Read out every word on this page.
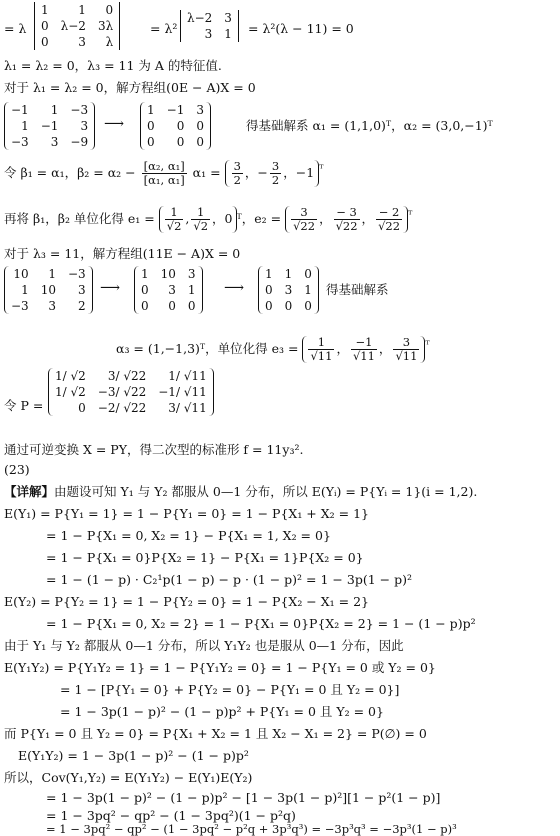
= λ
1	1	0
0	λ−2	3λ
0	3	λ
= λ²
λ−2	3
3	1 = λ²(λ − 11) = 0
λ₁ = λ₂ = 0，λ₃ = 11 为 A 的特征值.
对于 λ₁ = λ₂ = 0，解方程组(0E − A)X = 0
−1	1	−3
1	−1	3
−3	3	−9
⟶
1	−1	3
0	0	0
0	0	0
得基础解系 α₁ = (1,1,0)ᵀ，α₂ = (3,0,−1)ᵀ
令 β₁ = α₁，$\beta_2 = \alpha_2 - \frac{\text{[α₂, α₁]}}{\text{[α₁, α₁]}} \alpha_1 = \frac{3}{2}$ ，− $\frac{3}{2}$ ，−1 $^ᵀ$
再将 β₁，β₂ 单位化得 $e_1 = \frac{1}{√2}$ , $\frac{1}{√2}$ ，0 ᵀ，$e_2 = \frac{3}{√22}$ ， $\frac{- 3}{√22}$ ， $\frac{- 2}{√22} ^ᵀ$
对于 λ₃ = 11，解方程组(11E − A)X = 0
10	1	−3
1	10	3
−3	3	2
⟶
1	10	3
0	3	1
0	0	0
⟶
1	1	0
0	3	1
0	0	0
得基础解系
α₃ = (1,−1,3)ᵀ，单位化得 $e_3 = \frac{1}{√11}$ ， $\frac{-1}{√11}$ ， $\frac{3}{√11} ^ᵀ$
令 P =
1/ √2	3/ √22	1/ √11
1/ √2	−3/ √22	−1/ √11
0	−2/ √22	3/ √11
通过可逆变换 X = PY，得二次型的标准形 f = 11y₃².
(23)
【详解】由题设可知 Y₁ 与 Y₂ 都服从 0—1 分布，所以 E(Yᵢ) = P{Yᵢ = 1}(i = 1,2).
E(Y₁) = P{Y₁ = 1} = 1 − P{Y₁ = 0} = 1 − P{X₁ + X₂ = 1}
= 1 − P{X₁ = 0, X₂ = 1} − P{X₁ = 1, X₂ = 0}
= 1 − P{X₁ = 0}P{X₂ = 1} − P{X₁ = 1}P{X₂ = 0}
= 1 − (1 − p) · C₂¹p(1 − p) − p · (1 − p)² = 1 − 3p(1 − p)²
E(Y₂) = P{Y₂ = 1} = 1 − P{Y₂ = 0} = 1 − P{X₂ − X₁ = 2}
= 1 − P{X₁ = 0, X₂ = 2} = 1 − P{X₁ = 0}P{X₂ = 2} = 1 − (1 − p)p²
由于 Y₁ 与 Y₂ 都服从 0—1 分布，所以 Y₁Y₂ 也是服从 0—1 分布，因此
E(Y₁Y₂) = P{Y₁Y₂ = 1} = 1 − P{Y₁Y₂ = 0} = 1 − P{Y₁ = 0 或 Y₂ = 0}
= 1 − [P{Y₁ = 0} + P{Y₂ = 0} − P{Y₁ = 0 且 Y₂ = 0}]
= 1 − 3p(1 − p)² − (1 − p)p² + P{Y₁ = 0 且 Y₂ = 0}
而 P{Y₁ = 0 且 Y₂ = 0} = P{X₁ + X₂ = 1 且 X₂ − X₁ = 2} = P(∅) = 0
E(Y₁Y₂) = 1 − 3p(1 − p)² − (1 − p)p²
所以，Cov(Y₁,Y₂) = E(Y₁Y₂) − E(Y₁)E(Y₂)
= 1 − 3p(1 − p)² − (1 − p)p² − [1 − 3p(1 − p)²][1 − p²(1 − p)]
= 1 − 3pq² − qp² − (1 − 3pq²)(1 − p²q)
= 1 − 3pq² − qp² − (1 − 3pq² − p²q + 3p³q³) = −3p³q³ = −3p³(1 − p)³
